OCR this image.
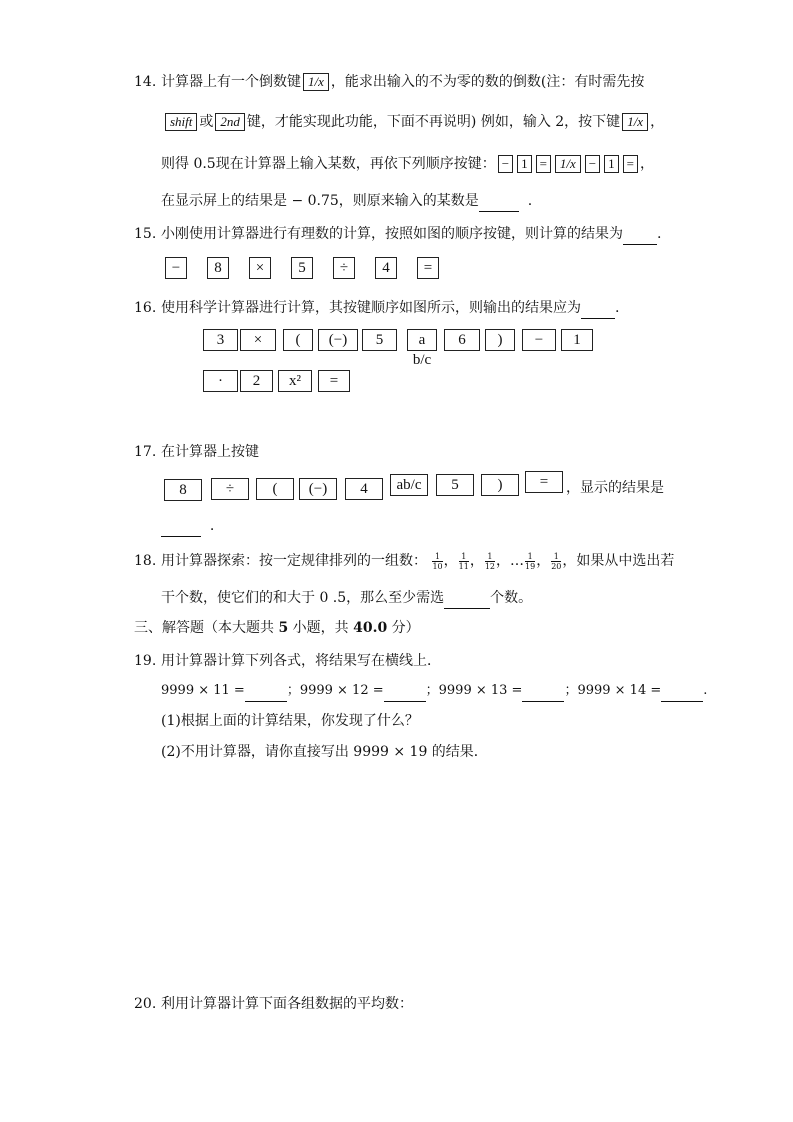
14. 计算器上有一个倒数键 1/x ，能求出输入的不为零的数的倒数(注：有时需先按
shift 或 2nd 键，才能实现此功能，下面不再说明) 例如，输入 2，按下键 1/x ，
则得 0.5现在计算器上输入某数，再依下列顺序按键： − 1 = 1/x − 1 = ，
在显示屏上的结果是 − 0.75，则原来输入的某数是	.
15. 小刚使用计算器进行有理数的计算，按照如图的顺序按键，则计算的结果为 .
−	8	×	5	÷	4	=
16. 使用科学计算器进行计算，其按键顺序如图所示，则输出的结果应为 .
3	×	(	(−)	5	a b/c
6	)	−	1
·	2	x²	=
17. 在计算器上按键
8	÷	(	(−)	4	ab/c	5	)	=	，显示的结果是
.
18. 用计算器探索：按一定规律排列的一组数： $\frac{1}{10}$ ， $\frac{1}{11}$ ， $\frac{1}{12}$ ，… $\frac{1}{19}$ ， $\frac{1}{20}$ ，如果从中选出若
干个数，使它们的和大于 0 .5，那么至少需选	个数。
三、解答题（本大题共 5 小题，共 40.0 分）
19. 用计算器计算下列各式，将结果写在横线上．
9999 × 11 =	；9999 × 12 =	；9999 × 13 =	；9999 × 14 =	.
(1)根据上面的计算结果，你发现了什么？
(2)不用计算器，请你直接写出 9999 × 19 的结果．
20. 利用计算器计算下面各组数据的平均数：
